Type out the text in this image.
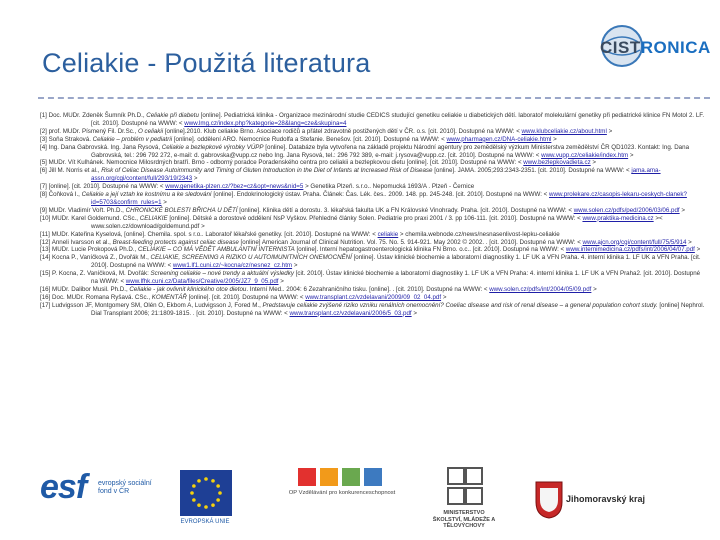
Celiakie - Použitá literatura
CISTRONICA

[1] Doc. MUDr. Zdeněk Šumník Ph.D., Celiakie při diabetu [online]. Pediatrická klinika - Organizace mezinárodní studie CEDICS studující genetiku celiakie u diabetických dětí. laboratoř molekulární genetiky při pediatrické klinice FN Motol 2. LF. [cit. 2010]. Dostupné na WWW: < www.lmg.cz/index.php?kategorie=28&lang=cze&skupina=4

[2] prof. MUDr. Písmený Fil. Dr.Sc., O celiakii [online].2010. Klub celiakie Brno. Asociace rodičů a přátel zdravotně postižených dětí v ČR. o.s. [cit. 2010]. Dostupné na WWW: < www.klubceliakie.cz/about.html >

[3] Soňa Straková. Celiakie – problém v pediatrii [online]. oddělení ARO. Nemocnice Rudolfa a Stefanie. Benešov. [cit. 2010]. Dostupné na WWW: < www.pharmagen.cz/DNA-celiakie.html >

[4] Ing. Dana Gabrovská. Ing. Jana Rysová, Celiakie a bezlepkové výrobky VÚPP [online]. Databáze byla vytvořena na základě projektu Národní agentury pro zemědělský výzkum Ministerstva zemědělství ČR QD1023. Kontakt: Ing. Dana Gabrovská, tel.: 296 792 272, e-mail: d. gabrovska@vupp.cz nebo Ing. Jana Rysová, tel.: 296 792 389, e-mail: j.rysova@vupp.cz. [cit. 2010]. Dostupné na WWW: < www.vupp.cz/celiakie/index.htm >

[5] MUDr. Vít Kulhánek. Nemocnice Milosrdných bratří. Brno - odborný poradce Poradenského centra pro celiakii a bezlepkovou dietu [online]. [cit. 2010]. Dostupné na WWW: < www.bezlepkovadieta.cz >

[6] Jill M. Norris et al., Risk of Celiac Disease Autoimmunity and Timing of Gluten Introduction in the Diet of Infants at Increased Risk of Disease [online]. JAMA. 2005;293:2343-2351. [cit. 2010]. Dostupné na WWW: < jama.ama-assn.org/cgi/content/full/293/19/2343 >

[7] [online]. [cit. 2010]. Dostupné na WWW: < www.genetika-plzen.cz/?bez=cz&opt=news&nid=5 > Genetika Plzeň. s.r.o.. Nepomucká 1693/A . Plzeň - Černice

[8] Čoňková I., Celiakie a její vztah ke kostnímu a ke sledování [online]. Endokrinologický ústav. Praha. Článek: Čas. Lék. čes.. 2009. 148. pp. 245-248. [cit. 2010]. Dostupné na WWW: < www.prolekare.cz/casopis-lekaru-ceskych-clanek?id=5703&confirm_rules=1 >

[9] MUDr. Vladimír Vořt. Ph.D., CHRONICKÉ BOLESTI BŘICHA U DĚTÍ [online]. Klinika dětí a dorostu. 3. lékařská fakulta UK a FN Královské Vinohrady. Praha. [cit. 2010]. Dostupné na WWW: < www.solen.cz/pdfs/ped/2006/03/06.pdf >

[10] MUDr. Karel Goldemund. CSc., CELIAKIE [online]. Dětské a dorostové oddělení NsP Vyškov. Přehledné články Solen. Pediatrie pro praxi 2001 / 3. pp 106-111. [cit. 2010]. Dostupné na WWW: < www.praktika-medicina.cz >< www.solen.cz/download/goldemund.pdf >

[11] MUDr. Kateřina Kyselová, [online]. Chemila. spol. s r.o.. Laboratoř lékařské genetiky. [cit. 2010]. Dostupné na WWW: < celiakie > chemila.webnode.cz/news/nesnasenlivost-lepku-celiakie

[12] Anneli Ivarsson et al., Breast-feeding protects against celiac disease [online] American Journal of Clinical Nutrition. Vol. 75. No. 5. 914-921. May 2002 © 2002. . [cit. 2010]. Dostupné na WWW: < www.ajcn.org/cgi/content/full/75/5/914 >

[13] MUDr. Lucie Prokopová Ph.D., CELIAKIE – CO MÁ VĚDĚT AMBULANTNÍ INTERNISTA [online]. Interní hepatogastroenterologická klinika FN Brno. o.c.. [cit. 2010]. Dostupné na WWW: < www.internimedicina.cz/pdfs/int/2006/04/07.pdf >

[14] Kocna P., Vaníčková Z., Dvořák M., CELIAKIE, SCREENING A RIZIKO U AUTOIMUNITNÍCH ONEMOCNĚNÍ [online]. Ústav klinické biochemie a laboratorní diagnostiky 1. LF UK a VFN Praha. 4. interní klinika 1. LF UK a VFN Praha. [cit. 2010]. Dostupné na WWW: < www1.lf1.cuni.cz/~kocna/cz/nesnez_cz.htm >

[15] P. Kocna, Z. Vaníčková, M. Dvořák: Screening celiakie – nové trendy a aktuální výsledky [cit. 2010]. Ústav klinické biochemie a laboratorní diagnostiky 1. LF UK a VFN Praha: 4. interní klinika 1. LF UK a VFN Praha2. [cit. 2010]. Dostupné na WWW: < www.lfhk.cuni.cz/Data/files/Creative/2005/JZ7_9_05.pdf >

[16] MUDr. Dalibor Musil. Ph.D., Celiakie - jak ovlivnit klinického otce dietou. Interní Med.. 2004: 6 Zezahraničního tisku. [online]. . [cit. 2010]. Dostupné na WWW: < www.solen.cz/pdfs/int/2004/05/09.pdf >

[16] Doc. MUDr. Romana Ryšavá. CSc., KOMENTÁŘ [online]. [cit. 2010]. Dostupné na WWW: < www.transplant.cz/vzdelavani/2009/09_02_04.pdf >

[17] Ludvigsson JF, Montgomery SM, Olén O, Ekbom A, Ludvigsson J, Fored M., Predstavuje celiakie zvýšené riziko vzniku renálních onemocnění? Coeliac disease and risk of renal disease – a general population cohort study. [online] Nephrol. Dial Transplant 2006; 21:1809-1815. . [cit. 2010]. Dostupné na WWW: < www.transplant.cz/vzdelavani/2006/5_03.pdf >

esf evropský sociální fond v ČR
EVROPSKÁ UNIE
OP Vzdělávání pro konkurenceschopnost
MINISTERSTVO ŠKOLSTVÍ, MLÁDEŽE A TĚLOVÝCHOVY
Jihomoravský kraj
